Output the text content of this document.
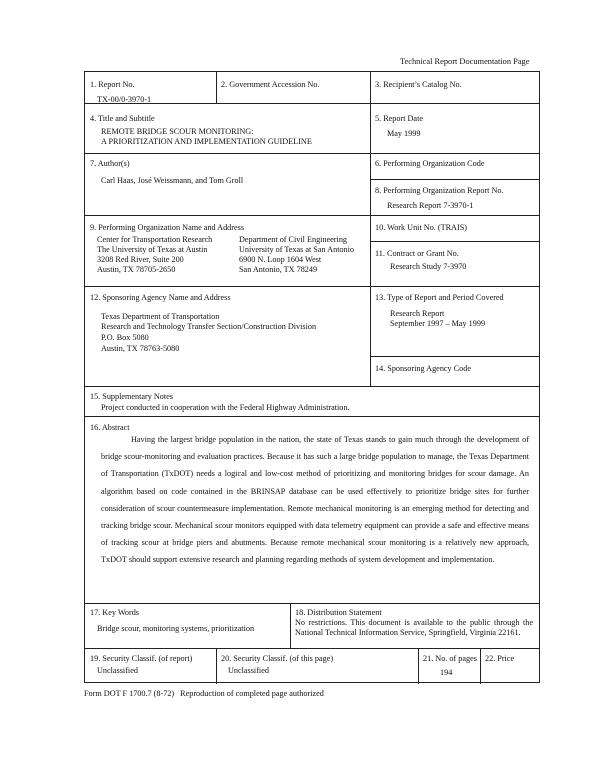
Technical Report Documentation Page
1. Report No.
TX-00/0-3970-1
2. Government Accession No.	3. Recipient’s Catalog No.
4. Title and Subtitle
REMOTE BRIDGE SCOUR MONITORING:
A PRIORITIZATION AND IMPLEMENTATION GUIDELINE
5. Report Date
May 1999
7. Author(s)
Carl Haas, José Weissmann, and Tom Groll
6. Performing Organization Code
8. Performing Organization Report No.
Research Report 7-3970-1
9. Performing Organization Name and Address
Center for Transportation Research
The University of Texas at Austin
3208 Red River, Suite 200
Austin, TX 78705-2650
Department of Civil Engineering
University of Texas at San Antonio
6900 N. Loop 1604 West
San Antonio, TX 78249
10. Work Unit No. (TRAIS)
11. Contract or Grant No.
Research Study 7-3970
12. Sponsoring Agency Name and Address
Texas Department of Transportation
Research and Technology Transfer Section/Construction Division
P.O. Box 5080
Austin, TX 78763-5080
13. Type of Report and Period Covered
Research Report
September 1997 – May 1999
14. Sponsoring Agency Code
15. Supplementary Notes
Project conducted in cooperation with the Federal Highway Administration.
16. Abstract
Having the largest bridge population in the nation, the state of Texas stands to gain much through the development of bridge scour-monitoring and evaluation practices. Because it has such a large bridge population to manage, the Texas Department of Transportation (TxDOT) needs a logical and low-cost method of prioritizing and monitoring bridges for scour damage. An algorithm based on code contained in the BRINSAP database can be used effectively to prioritize bridge sites for further consideration of scour countermeasure implementation. Remote mechanical monitoring is an emerging method for detecting and tracking bridge scour. Mechanical scour monitors equipped with data telemetry equipment can provide a safe and effective means of tracking scour at bridge piers and abutments. Because remote mechanical scour monitoring is a relatively new approach, TxDOT should support extensive research and planning regarding methods of system development and implementation.
17. Key Words
Bridge scour, monitoring systems, prioritization
18. Distribution Statement
No restrictions. This document is available to the public through the National Technical Information Service, Springfield, Virginia 22161.
19. Security Classif. (of report)
Unclassified
20. Security Classif. (of this page)
Unclassified
21. No. of pages
194
22. Price
Form DOT F 1700.7 (8-72) Reproduction of completed page authorized
